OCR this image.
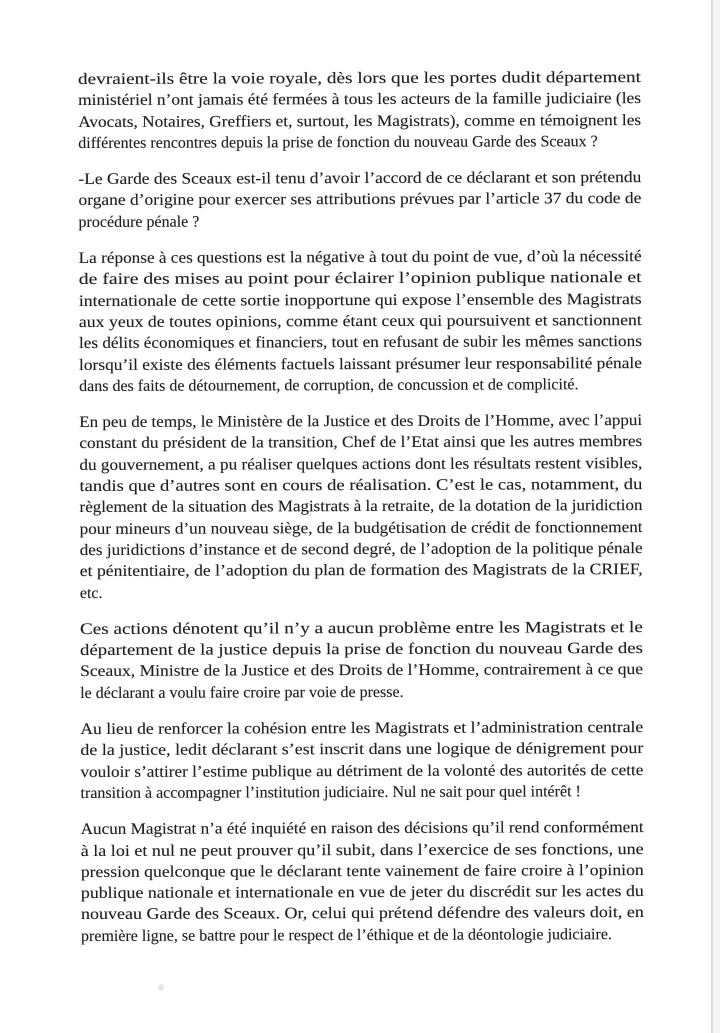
devraient-ils être la voie royale, dès lors que les portes dudit département
ministériel n’ont jamais été fermées à tous les acteurs de la famille judiciaire (les
Avocats, Notaires, Greffiers et, surtout, les Magistrats), comme en témoignent les
différentes rencontres depuis la prise de fonction du nouveau Garde des Sceaux ?
-Le Garde des Sceaux est-il tenu d’avoir l’accord de ce déclarant et son prétendu
organe d’origine pour exercer ses attributions prévues par l’article 37 du code de
procédure pénale ?
La réponse à ces questions est la négative à tout du point de vue, d’où la nécessité
de faire des mises au point pour éclairer l’opinion publique nationale et
internationale de cette sortie inopportune qui expose l’ensemble des Magistrats
aux yeux de toutes opinions, comme étant ceux qui poursuivent et sanctionnent
les délits économiques et financiers, tout en refusant de subir les mêmes sanctions
lorsqu’il existe des éléments factuels laissant présumer leur responsabilité pénale
dans des faits de détournement, de corruption, de concussion et de complicité.
En peu de temps, le Ministère de la Justice et des Droits de l’Homme, avec l’appui
constant du président de la transition, Chef de l’Etat ainsi que les autres membres
du gouvernement, a pu réaliser quelques actions dont les résultats restent visibles,
tandis que d’autres sont en cours de réalisation. C’est le cas, notamment, du
règlement de la situation des Magistrats à la retraite, de la dotation de la juridiction
pour mineurs d’un nouveau siège, de la budgétisation de crédit de fonctionnement
des juridictions d’instance et de second degré, de l’adoption de la politique pénale
et pénitentiaire, de l’adoption du plan de formation des Magistrats de la CRIEF,
etc.
Ces actions dénotent qu’il n’y a aucun problème entre les Magistrats et le
département de la justice depuis la prise de fonction du nouveau Garde des
Sceaux, Ministre de la Justice et des Droits de l’Homme, contrairement à ce que
le déclarant a voulu faire croire par voie de presse.
Au lieu de renforcer la cohésion entre les Magistrats et l’administration centrale
de la justice, ledit déclarant s’est inscrit dans une logique de dénigrement pour
vouloir s’attirer l’estime publique au détriment de la volonté des autorités de cette
transition à accompagner l’institution judiciaire. Nul ne sait pour quel intérêt !
Aucun Magistrat n’a été inquiété en raison des décisions qu’il rend conformément
à la loi et nul ne peut prouver qu’il subit, dans l’exercice de ses fonctions, une
pression quelconque que le déclarant tente vainement de faire croire à l’opinion
publique nationale et internationale en vue de jeter du discrédit sur les actes du
nouveau Garde des Sceaux. Or, celui qui prétend défendre des valeurs doit, en
première ligne, se battre pour le respect de l’éthique et de la déontologie judiciaire.
